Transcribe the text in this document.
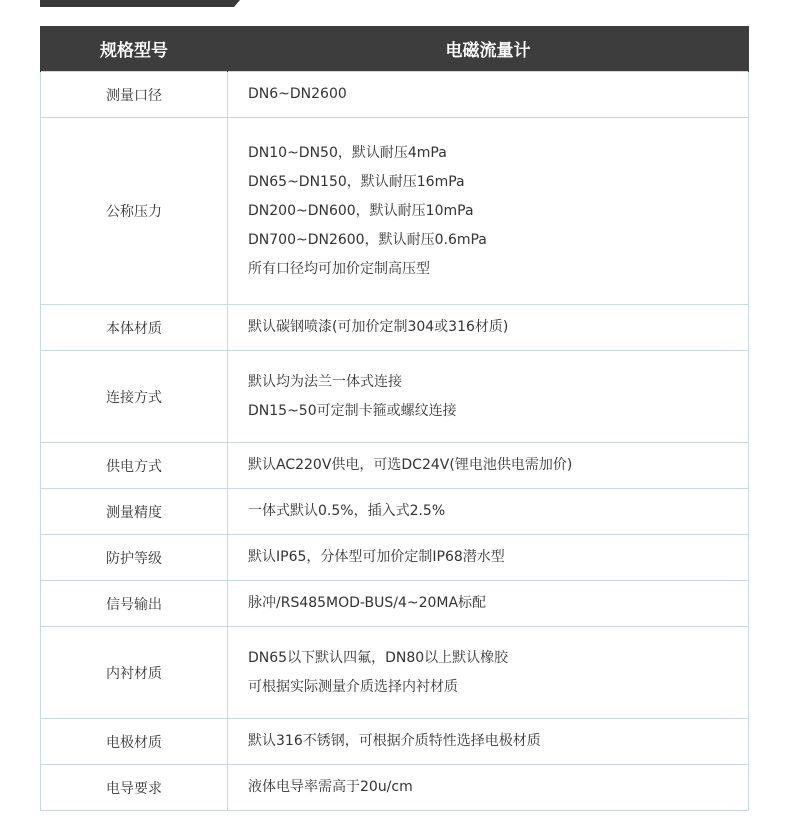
规格型号	电磁流量计
测量口径	DN6~DN2600

公称压力	DN10~DN50，默认耐压4mPa
DN65~DN150，默认耐压16mPa
DN200~DN600，默认耐压10mPa
DN700~DN2600，默认耐压0.6mPa
所有口径均可加价定制高压型

本体材质	默认碳钢喷漆(可加价定制304或316材质)

连接方式	默认均为法兰一体式连接
DN15~50可定制卡箍或螺纹连接

供电方式	默认AC220V供电，可选DC24V(锂电池供电需加价)

测量精度	一体式默认0.5%，插入式2.5%

防护等级	默认IP65，分体型可加价定制IP68潜水型

信号输出	脉冲/RS485MOD-BUS/4~20MA标配

内衬材质	DN65以下默认四氟，DN80以上默认橡胶
可根据实际测量介质选择内衬材质

电极材质	默认316不锈钢，可根据介质特性选择电极材质

电导要求	液体电导率需高于20u/cm
